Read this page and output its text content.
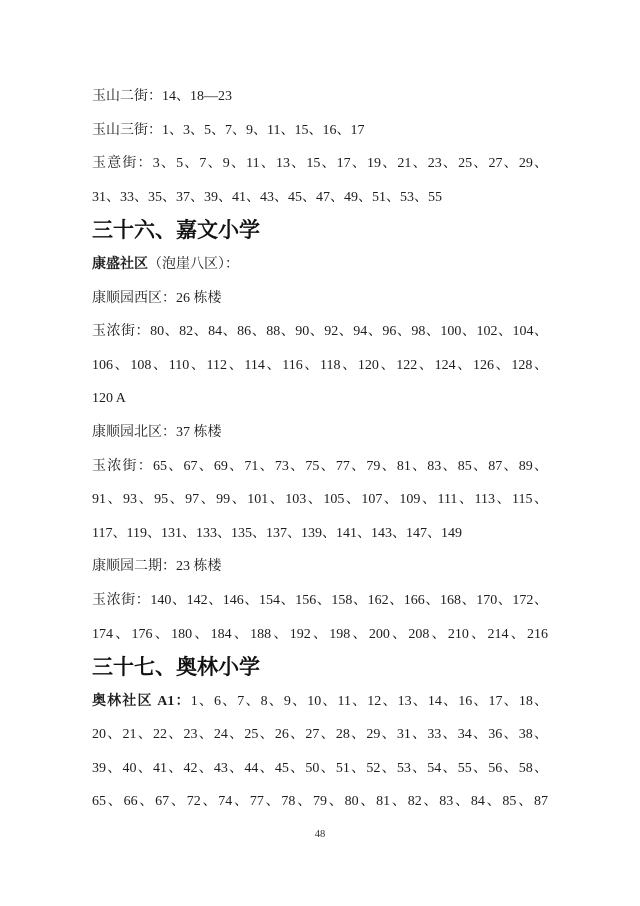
玉山二街：14、18—23
玉山三街：1、3、5、7、9、11、15、16、17
玉意街：3、5、7、9、11、13、15、17、19、21、23、25、27、29、
31、33、35、37、39、41、43、45、47、49、51、53、55
三十六、嘉文小学
康盛社区（泡崖八区）：
康顺园西区：26 栋楼
玉浓街：80、82、84、86、88、90、92、94、96、98、100、102、104、
106、108、110、112、114、116、118、120、122、124、126、128、
120 A
康顺园北区：37 栋楼
玉浓街：65、67、69、71、73、75、77、79、81、83、85、87、89、
91、93、95、97、99、101、103、105、107、109、111、113、115、
117、119、131、133、135、137、139、141、143、147、149
康顺园二期：23 栋楼
玉浓街：140、142、146、154、156、158、162、166、168、170、172、
174、176、180、184、188、192、198、200、208、210、214、216
三十七、奥林小学
奥林社区 A1：1、6、7、8、9、10、11、12、13、14、16、17、18、
20、21、22、23、24、25、26、27、28、29、31、33、34、36、38、
39、40、41、42、43、44、45、50、51、52、53、54、55、56、58、
65、66、67、72、74、77、78、79、80、81、82、83、84、85、87
48
